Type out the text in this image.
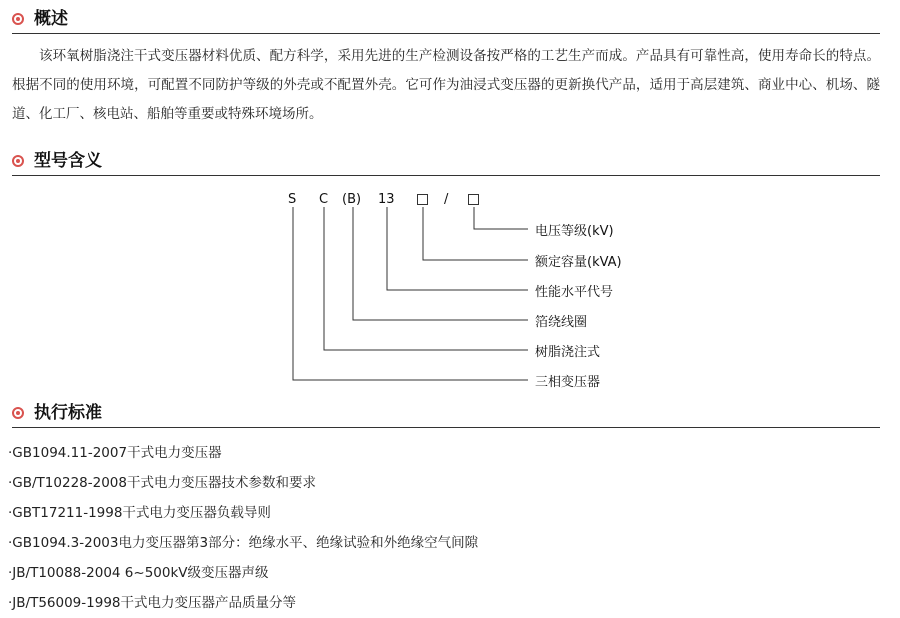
概述

该环氧树脂浇注干式变压器材料优质、配方科学，采用先进的生产检测设备按严格的工艺生产而成。产品具有可靠性高，使用寿命长的特点。根据不同的使用环境，可配置不同防护等级的外壳或不配置外壳。它可作为油浸式变压器的更新换代产品，适用于高层建筑、商业中心、机场、隧道、化工厂、核电站、船舶等重要或特殊环境场所。

型号含义
S C (B) 13	/
电压等级(kV)
额定容量(kVA)
性能水平代号
箔绕线圈
树脂浇注式
三相变压器
执行标准
·GB1094.11-2007干式电力变压器
·GB/T10228-2008干式电力变压器技术参数和要求
·GBT17211-1998干式电力变压器负载导则
·GB1094.3-2003电力变压器第3部分：绝缘水平、绝缘试验和外绝缘空气间隙
·JB/T10088-2004 6~500kV级变压器声级
·JB/T56009-1998干式电力变压器产品质量分等
